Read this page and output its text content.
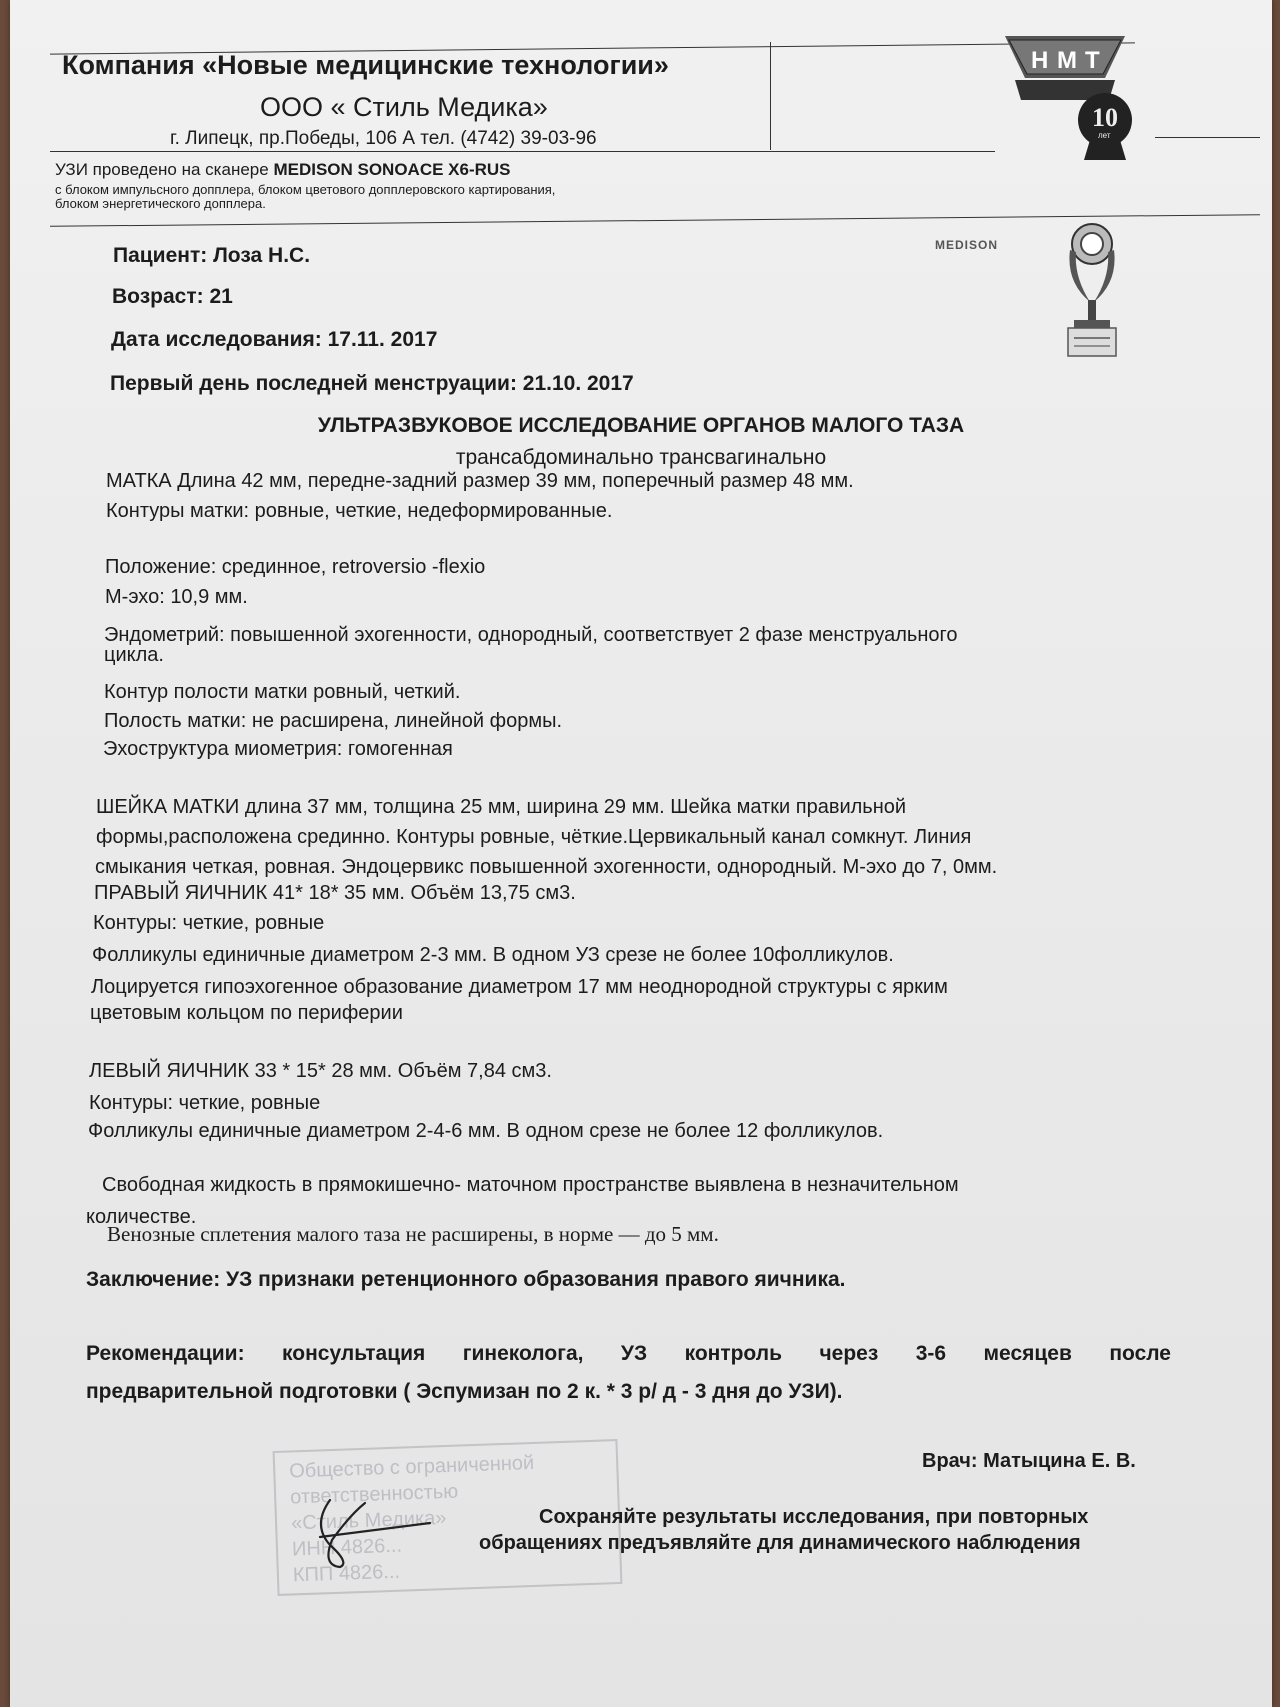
Компания «Новые медицинские технологии»
ООО « Стиль Медика»
г. Липецк, пр.Победы, 106 А тел. (4742) 39-03-96
УЗИ проведено на сканере MEDISON SONOACE X6-RUS
с блоком импульсного допплера, блоком цветового допплеровского картирования,
блоком энергетического допплера.
Н М Т
10
лет
MEDISON
Пациент: Лоза Н.С.
Возраст: 21
Дата исследования: 17.11. 2017
Первый день последней менструации: 21.10. 2017
УЛЬТРАЗВУКОВОЕ ИССЛЕДОВАНИЕ ОРГАНОВ МАЛОГО ТАЗА
трансабдоминально трансвагинально
МАТКА Длина 42 мм, передне-задний размер 39 мм, поперечный размер 48 мм.
Контуры матки: ровные, четкие, недеформированные.
Положение: срединное, retroversio -flexio
М-эхо: 10,9 мм.
Эндометрий: повышенной эхогенности, однородный, соответствует 2 фазе менструального
цикла.
Контур полости матки ровный, четкий.
Полость матки: не расширена, линейной формы.
Эхоструктура миометрия: гомогенная
ШЕЙКА МАТКИ длина 37 мм, толщина 25 мм, ширина 29 мм. Шейка матки правильной
формы,расположена срединно. Контуры ровные, чёткие.Цервикальный канал сомкнут. Линия
смыкания четкая, ровная. Эндоцервикс повышенной эхогенности, однородный. М-эхо до 7, 0мм.
ПРАВЫЙ ЯИЧНИК 41* 18* 35 мм. Объём 13,75 см3.
Контуры: четкие, ровные
Фолликулы единичные диаметром 2-3 мм. В одном УЗ срезе не более 10фолликулов.
Лоцируется гипоэхогенное образование диаметром 17 мм неоднородной структуры с ярким
цветовым кольцом по периферии
ЛЕВЫЙ ЯИЧНИК 33 * 15* 28 мм. Объём 7,84 см3.
Контуры: четкие, ровные
Фолликулы единичные диаметром 2-4-6 мм. В одном срезе не более 12 фолликулов.
Свободная жидкость в прямокишечно- маточном пространстве выявлена в незначительном
количестве.
Венозные сплетения малого таза не расширены, в норме — до 5 мм.
Заключение: УЗ признаки ретенционного образования правого яичника.
Рекомендации: консультация гинеколога, УЗ контроль через 3-6 месяцев после
предварительной подготовки ( Эспумизан по 2 к. * 3 р/ д - 3 дня до УЗИ).
Общество с ограниченной
ответственностью
«Стиль Медика»
ИНН 4826...
КПП 4826...
Врач: Матыцина Е. В.
Сохраняйте результаты исследования, при повторных
обращениях предъявляйте для динамического наблюдения
